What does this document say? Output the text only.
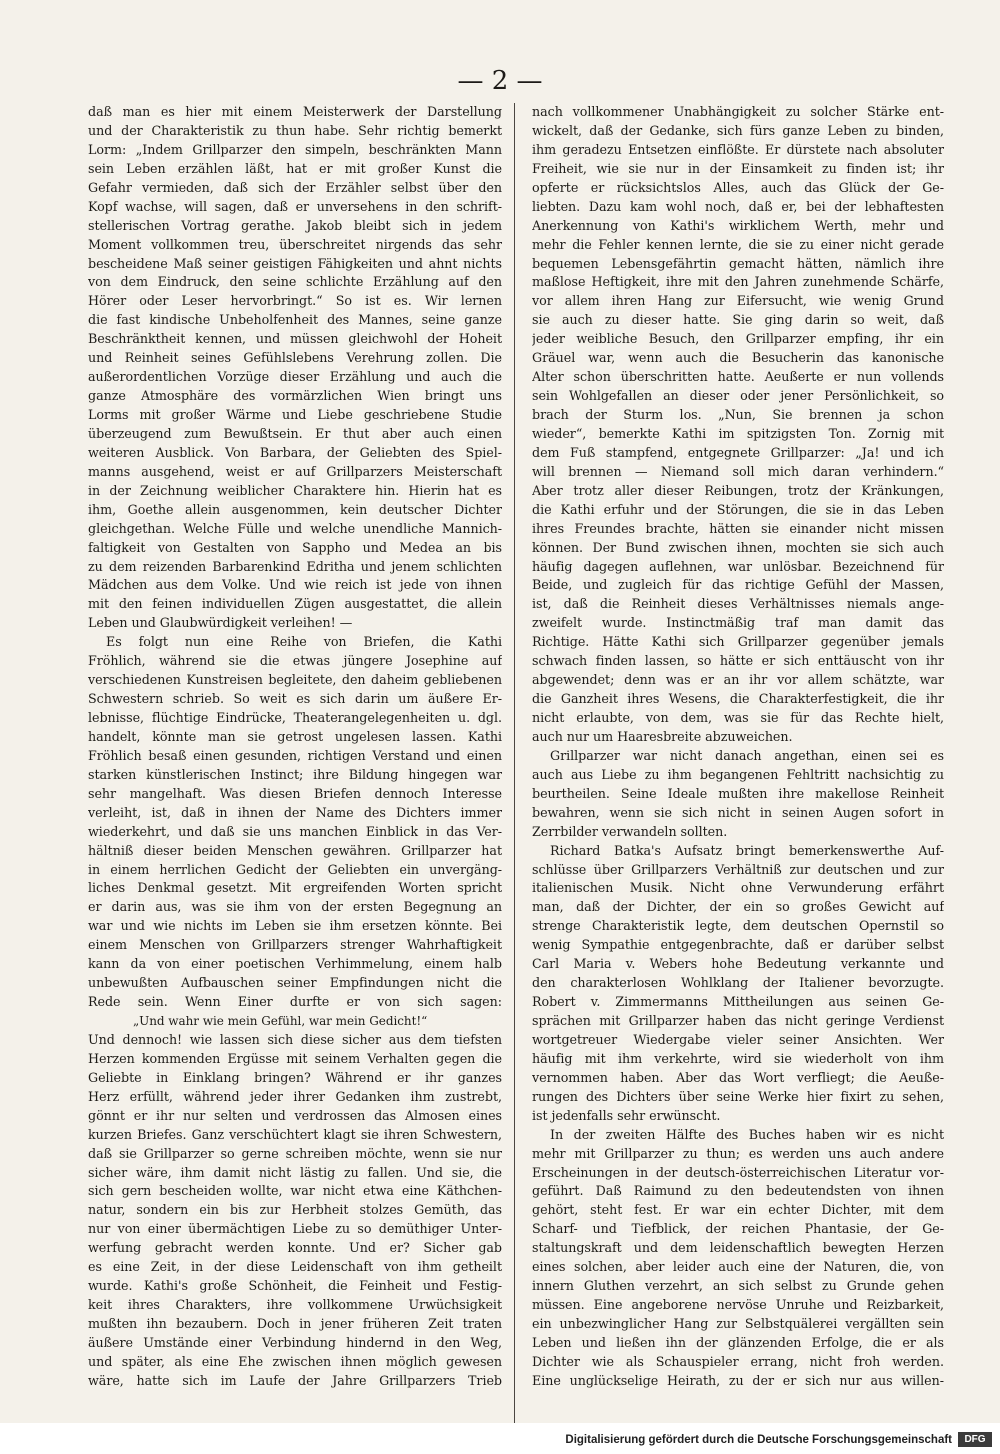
— 2 —
daß man es hier mit einem Meisterwerk der Darstellung
und der Charakteristik zu thun habe. Sehr richtig bemerkt
Lorm: „Indem Grillparzer den simpeln, beschränkten Mann
sein Leben erzählen läßt, hat er mit großer Kunst die
Gefahr vermieden, daß sich der Erzähler selbst über den
Kopf wachse, will sagen, daß er unversehens in den schrift-
stellerischen Vortrag gerathe. Jakob bleibt sich in jedem
Moment vollkommen treu, überschreitet nirgends das sehr
bescheidene Maß seiner geistigen Fähigkeiten und ahnt nichts
von dem Eindruck, den seine schlichte Erzählung auf den
Hörer oder Leser hervorbringt.“ So ist es. Wir lernen
die fast kindische Unbeholfenheit des Mannes, seine ganze
Beschränktheit kennen, und müssen gleichwohl der Hoheit
und Reinheit seines Gefühlslebens Verehrung zollen. Die
außerordentlichen Vorzüge dieser Erzählung und auch die
ganze Atmosphäre des vormärzlichen Wien bringt uns
Lorms mit großer Wärme und Liebe geschriebene Studie
überzeugend zum Bewußtsein. Er thut aber auch einen
weiteren Ausblick. Von Barbara, der Geliebten des Spiel-
manns ausgehend, weist er auf Grillparzers Meisterschaft
in der Zeichnung weiblicher Charaktere hin. Hierin hat es
ihm, Goethe allein ausgenommen, kein deutscher Dichter
gleichgethan. Welche Fülle und welche unendliche Mannich-
faltigkeit von Gestalten von Sappho und Medea an bis
zu dem reizenden Barbarenkind Edritha und jenem schlichten
Mädchen aus dem Volke. Und wie reich ist jede von ihnen
mit den feinen individuellen Zügen ausgestattet, die allein
Leben und Glaubwürdigkeit verleihen! —
Es folgt nun eine Reihe von Briefen, die Kathi
Fröhlich, während sie die etwas jüngere Josephine auf
verschiedenen Kunstreisen begleitete, den daheim gebliebenen
Schwestern schrieb. So weit es sich darin um äußere Er-
lebnisse, flüchtige Eindrücke, Theaterangelegenheiten u. dgl.
handelt, könnte man sie getrost ungelesen lassen. Kathi
Fröhlich besaß einen gesunden, richtigen Verstand und einen
starken künstlerischen Instinct; ihre Bildung hingegen war
sehr mangelhaft. Was diesen Briefen dennoch Interesse
verleiht, ist, daß in ihnen der Name des Dichters immer
wiederkehrt, und daß sie uns manchen Einblick in das Ver-
hältniß dieser beiden Menschen gewähren. Grillparzer hat
in einem herrlichen Gedicht der Geliebten ein unvergäng-
liches Denkmal gesetzt. Mit ergreifenden Worten spricht
er darin aus, was sie ihm von der ersten Begegnung an
war und wie nichts im Leben sie ihm ersetzen könnte. Bei
einem Menschen von Grillparzers strenger Wahrhaftigkeit
kann da von einer poetischen Verhimmelung, einem halb
unbewußten Aufbauschen seiner Empfindungen nicht die
Rede sein. Wenn Einer durfte er von sich sagen:
„Und wahr wie mein Gefühl, war mein Gedicht!“
Und dennoch! wie lassen sich diese sicher aus dem tiefsten
Herzen kommenden Ergüsse mit seinem Verhalten gegen die
Geliebte in Einklang bringen? Während er ihr ganzes
Herz erfüllt, während jeder ihrer Gedanken ihm zustrebt,
gönnt er ihr nur selten und verdrossen das Almosen eines
kurzen Briefes. Ganz verschüchtert klagt sie ihren Schwestern,
daß sie Grillparzer so gerne schreiben möchte, wenn sie nur
sicher wäre, ihm damit nicht lästig zu fallen. Und sie, die
sich gern bescheiden wollte, war nicht etwa eine Käthchen-
natur, sondern ein bis zur Herbheit stolzes Gemüth, das
nur von einer übermächtigen Liebe zu so demüthiger Unter-
werfung gebracht werden konnte. Und er? Sicher gab
es eine Zeit, in der diese Leidenschaft von ihm getheilt
wurde. Kathi's große Schönheit, die Feinheit und Festig-
keit ihres Charakters, ihre vollkommene Urwüchsigkeit
mußten ihn bezaubern. Doch in jener früheren Zeit traten
äußere Umstände einer Verbindung hindernd in den Weg,
und später, als eine Ehe zwischen ihnen möglich gewesen
wäre, hatte sich im Laufe der Jahre Grillparzers Trieb
nach vollkommener Unabhängigkeit zu solcher Stärke ent-
wickelt, daß der Gedanke, sich fürs ganze Leben zu binden,
ihm geradezu Entsetzen einflößte. Er dürstete nach absoluter
Freiheit, wie sie nur in der Einsamkeit zu finden ist; ihr
opferte er rücksichtslos Alles, auch das Glück der Ge-
liebten. Dazu kam wohl noch, daß er, bei der lebhaftesten
Anerkennung von Kathi's wirklichem Werth, mehr und
mehr die Fehler kennen lernte, die sie zu einer nicht gerade
bequemen Lebensgefährtin gemacht hätten, nämlich ihre
maßlose Heftigkeit, ihre mit den Jahren zunehmende Schärfe,
vor allem ihren Hang zur Eifersucht, wie wenig Grund
sie auch zu dieser hatte. Sie ging darin so weit, daß
jeder weibliche Besuch, den Grillparzer empfing, ihr ein
Gräuel war, wenn auch die Besucherin das kanonische
Alter schon überschritten hatte. Aeußerte er nun vollends
sein Wohlgefallen an dieser oder jener Persönlichkeit, so
brach der Sturm los. „Nun, Sie brennen ja schon
wieder“, bemerkte Kathi im spitzigsten Ton. Zornig mit
dem Fuß stampfend, entgegnete Grillparzer: „Ja! und ich
will brennen — Niemand soll mich daran verhindern.“
Aber trotz aller dieser Reibungen, trotz der Kränkungen,
die Kathi erfuhr und der Störungen, die sie in das Leben
ihres Freundes brachte, hätten sie einander nicht missen
können. Der Bund zwischen ihnen, mochten sie sich auch
häufig dagegen auflehnen, war unlösbar. Bezeichnend für
Beide, und zugleich für das richtige Gefühl der Massen,
ist, daß die Reinheit dieses Verhältnisses niemals ange-
zweifelt wurde. Instinctmäßig traf man damit das
Richtige. Hätte Kathi sich Grillparzer gegenüber jemals
schwach finden lassen, so hätte er sich enttäuscht von ihr
abgewendet; denn was er an ihr vor allem schätzte, war
die Ganzheit ihres Wesens, die Charakterfestigkeit, die ihr
nicht erlaubte, von dem, was sie für das Rechte hielt,
auch nur um Haaresbreite abzuweichen.
Grillparzer war nicht danach angethan, einen sei es
auch aus Liebe zu ihm begangenen Fehltritt nachsichtig zu
beurtheilen. Seine Ideale mußten ihre makellose Reinheit
bewahren, wenn sie sich nicht in seinen Augen sofort in
Zerrbilder verwandeln sollten.
Richard Batka's Aufsatz bringt bemerkenswerthe Auf-
schlüsse über Grillparzers Verhältniß zur deutschen und zur
italienischen Musik. Nicht ohne Verwunderung erfährt
man, daß der Dichter, der ein so großes Gewicht auf
strenge Charakteristik legte, dem deutschen Opernstil so
wenig Sympathie entgegenbrachte, daß er darüber selbst
Carl Maria v. Webers hohe Bedeutung verkannte und
den charakterlosen Wohlklang der Italiener bevorzugte.
Robert v. Zimmermanns Mittheilungen aus seinen Ge-
sprächen mit Grillparzer haben das nicht geringe Verdienst
wortgetreuer Wiedergabe vieler seiner Ansichten. Wer
häufig mit ihm verkehrte, wird sie wiederholt von ihm
vernommen haben. Aber das Wort verfliegt; die Aeuße-
rungen des Dichters über seine Werke hier fixirt zu sehen,
ist jedenfalls sehr erwünscht.
In der zweiten Hälfte des Buches haben wir es nicht
mehr mit Grillparzer zu thun; es werden uns auch andere
Erscheinungen in der deutsch-österreichischen Literatur vor-
geführt. Daß Raimund zu den bedeutendsten von ihnen
gehört, steht fest. Er war ein echter Dichter, mit dem
Scharf- und Tiefblick, der reichen Phantasie, der Ge-
staltungskraft und dem leidenschaftlich bewegten Herzen
eines solchen, aber leider auch eine der Naturen, die, von
innern Gluthen verzehrt, an sich selbst zu Grunde gehen
müssen. Eine angeborene nervöse Unruhe und Reizbarkeit,
ein unbezwinglicher Hang zur Selbstquälerei vergällten sein
Leben und ließen ihn der glänzenden Erfolge, die er als
Dichter wie als Schauspieler errang, nicht froh werden.
Eine unglückselige Heirath, zu der er sich nur aus willen-
Digitalisierung gefördert durch die Deutsche Forschungsgemeinschaft	DFG
